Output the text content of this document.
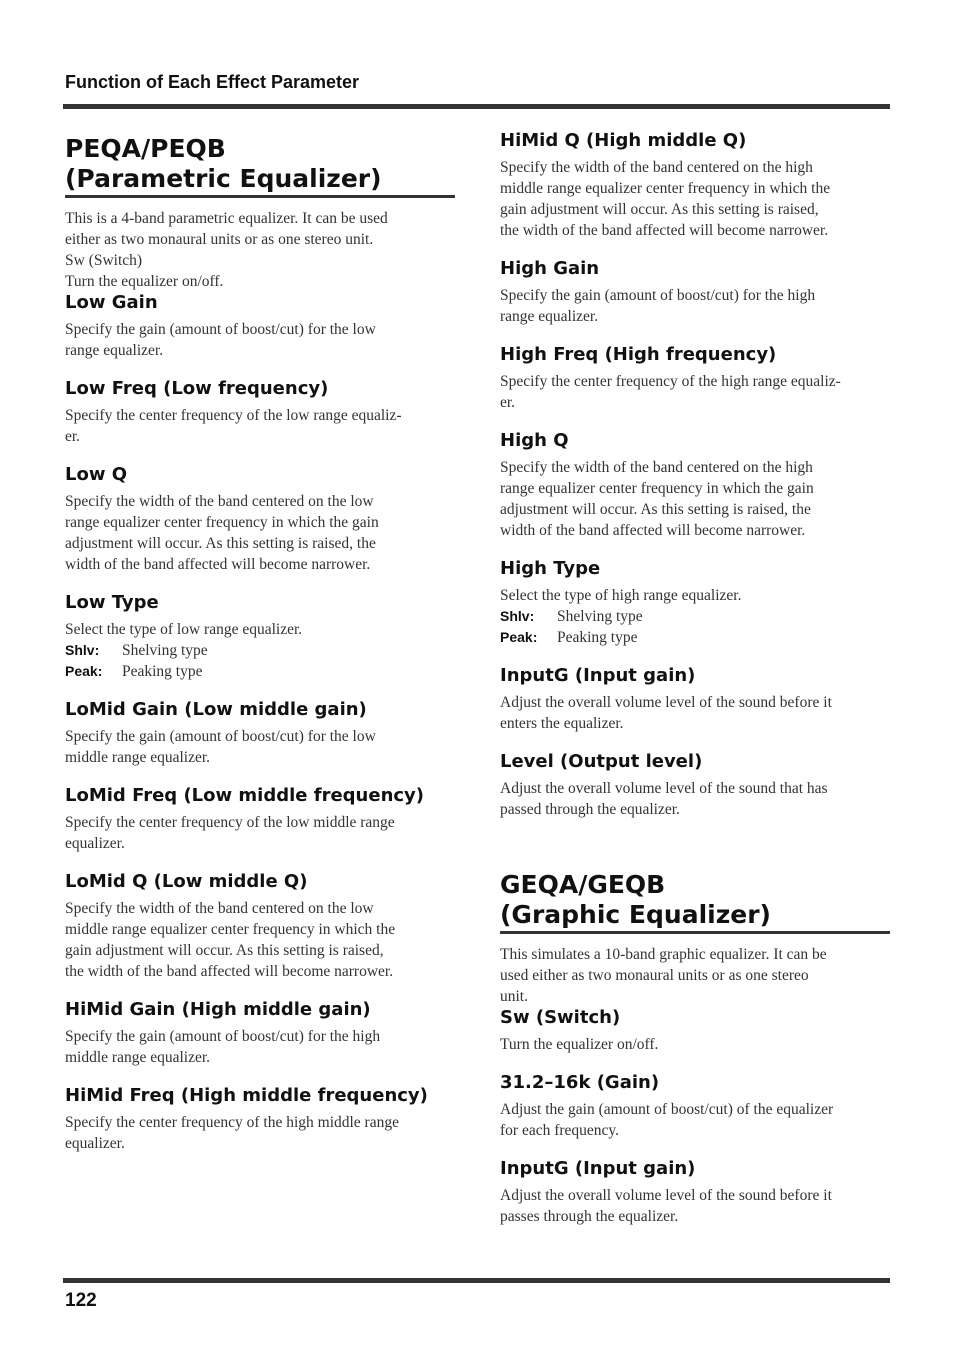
Function of Each Effect Parameter
PEQA/PEQB
(Parametric Equalizer)
This is a 4-band parametric equalizer. It can be used
either as two monaural units or as one stereo unit.
Sw (Switch)
Turn the equalizer on/off.
Low Gain
Specify the gain (amount of boost/cut) for the low
range equalizer.
Low Freq (Low frequency)
Specify the center frequency of the low range equaliz-
er.
Low Q
Specify the width of the band centered on the low
range equalizer center frequency in which the gain
adjustment will occur. As this setting is raised, the
width of the band affected will become narrower.
Low Type
Select the type of low range equalizer.
Shlv: Shelving type
Peak: Peaking type
LoMid Gain (Low middle gain)
Specify the gain (amount of boost/cut) for the low
middle range equalizer.
LoMid Freq (Low middle frequency)
Specify the center frequency of the low middle range
equalizer.
LoMid Q (Low middle Q)
Specify the width of the band centered on the low
middle range equalizer center frequency in which the
gain adjustment will occur. As this setting is raised,
the width of the band affected will become narrower.
HiMid Gain (High middle gain)
Specify the gain (amount of boost/cut) for the high
middle range equalizer.
HiMid Freq (High middle frequency)
Specify the center frequency of the high middle range
equalizer.
HiMid Q (High middle Q)
Specify the width of the band centered on the high
middle range equalizer center frequency in which the
gain adjustment will occur. As this setting is raised,
the width of the band affected will become narrower.
High Gain
Specify the gain (amount of boost/cut) for the high
range equalizer.
High Freq (High frequency)
Specify the center frequency of the high range equaliz-
er.
High Q
Specify the width of the band centered on the high
range equalizer center frequency in which the gain
adjustment will occur. As this setting is raised, the
width of the band affected will become narrower.
High Type
Select the type of high range equalizer.
Shlv: Shelving type
Peak: Peaking type
InputG (Input gain)
Adjust the overall volume level of the sound before it
enters the equalizer.
Level (Output level)
Adjust the overall volume level of the sound that has
passed through the equalizer.
GEQA/GEQB
(Graphic Equalizer)
This simulates a 10-band graphic equalizer. It can be
used either as two monaural units or as one stereo
unit.
Sw (Switch)
Turn the equalizer on/off.
31.2–16k (Gain)
Adjust the gain (amount of boost/cut) of the equalizer
for each frequency.
InputG (Input gain)
Adjust the overall volume level of the sound before it
passes through the equalizer.
122
